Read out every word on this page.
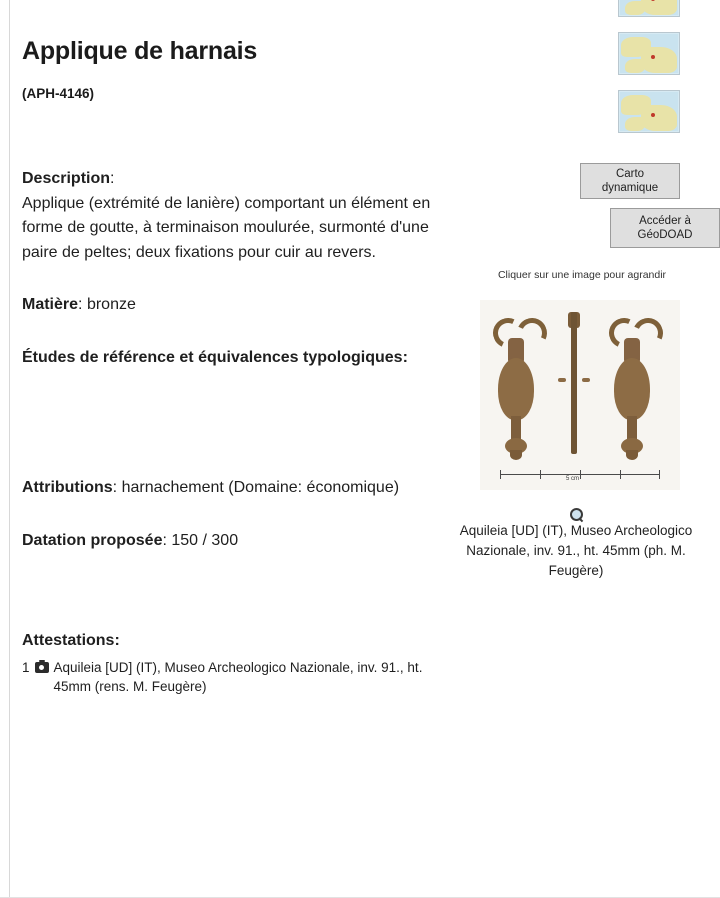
Applique de harnais
(APH-4146)
Description:
Applique (extrémité de lanière) comportant un élément en forme de goutte, à terminaison moulurée, surmonté d'une paire de peltes; deux fixations pour cuir au revers.
Matière: bronze
Études de référence et équivalences typologiques:
Attributions: harnachement (Domaine: économique)
Datation proposée: 150 / 300
Attestations:
1 Aquileia [UD] (IT), Museo Archeologico Nazionale, inv. 91., ht. 45mm (rens. M. Feugère)
Carto dynamique
Accéder à
GéoDOAD
Cliquer sur une image pour agrandir
5 cm
Aquileia [UD] (IT), Museo Archeologico Nazionale, inv. 91., ht. 45mm (ph. M. Feugère)
